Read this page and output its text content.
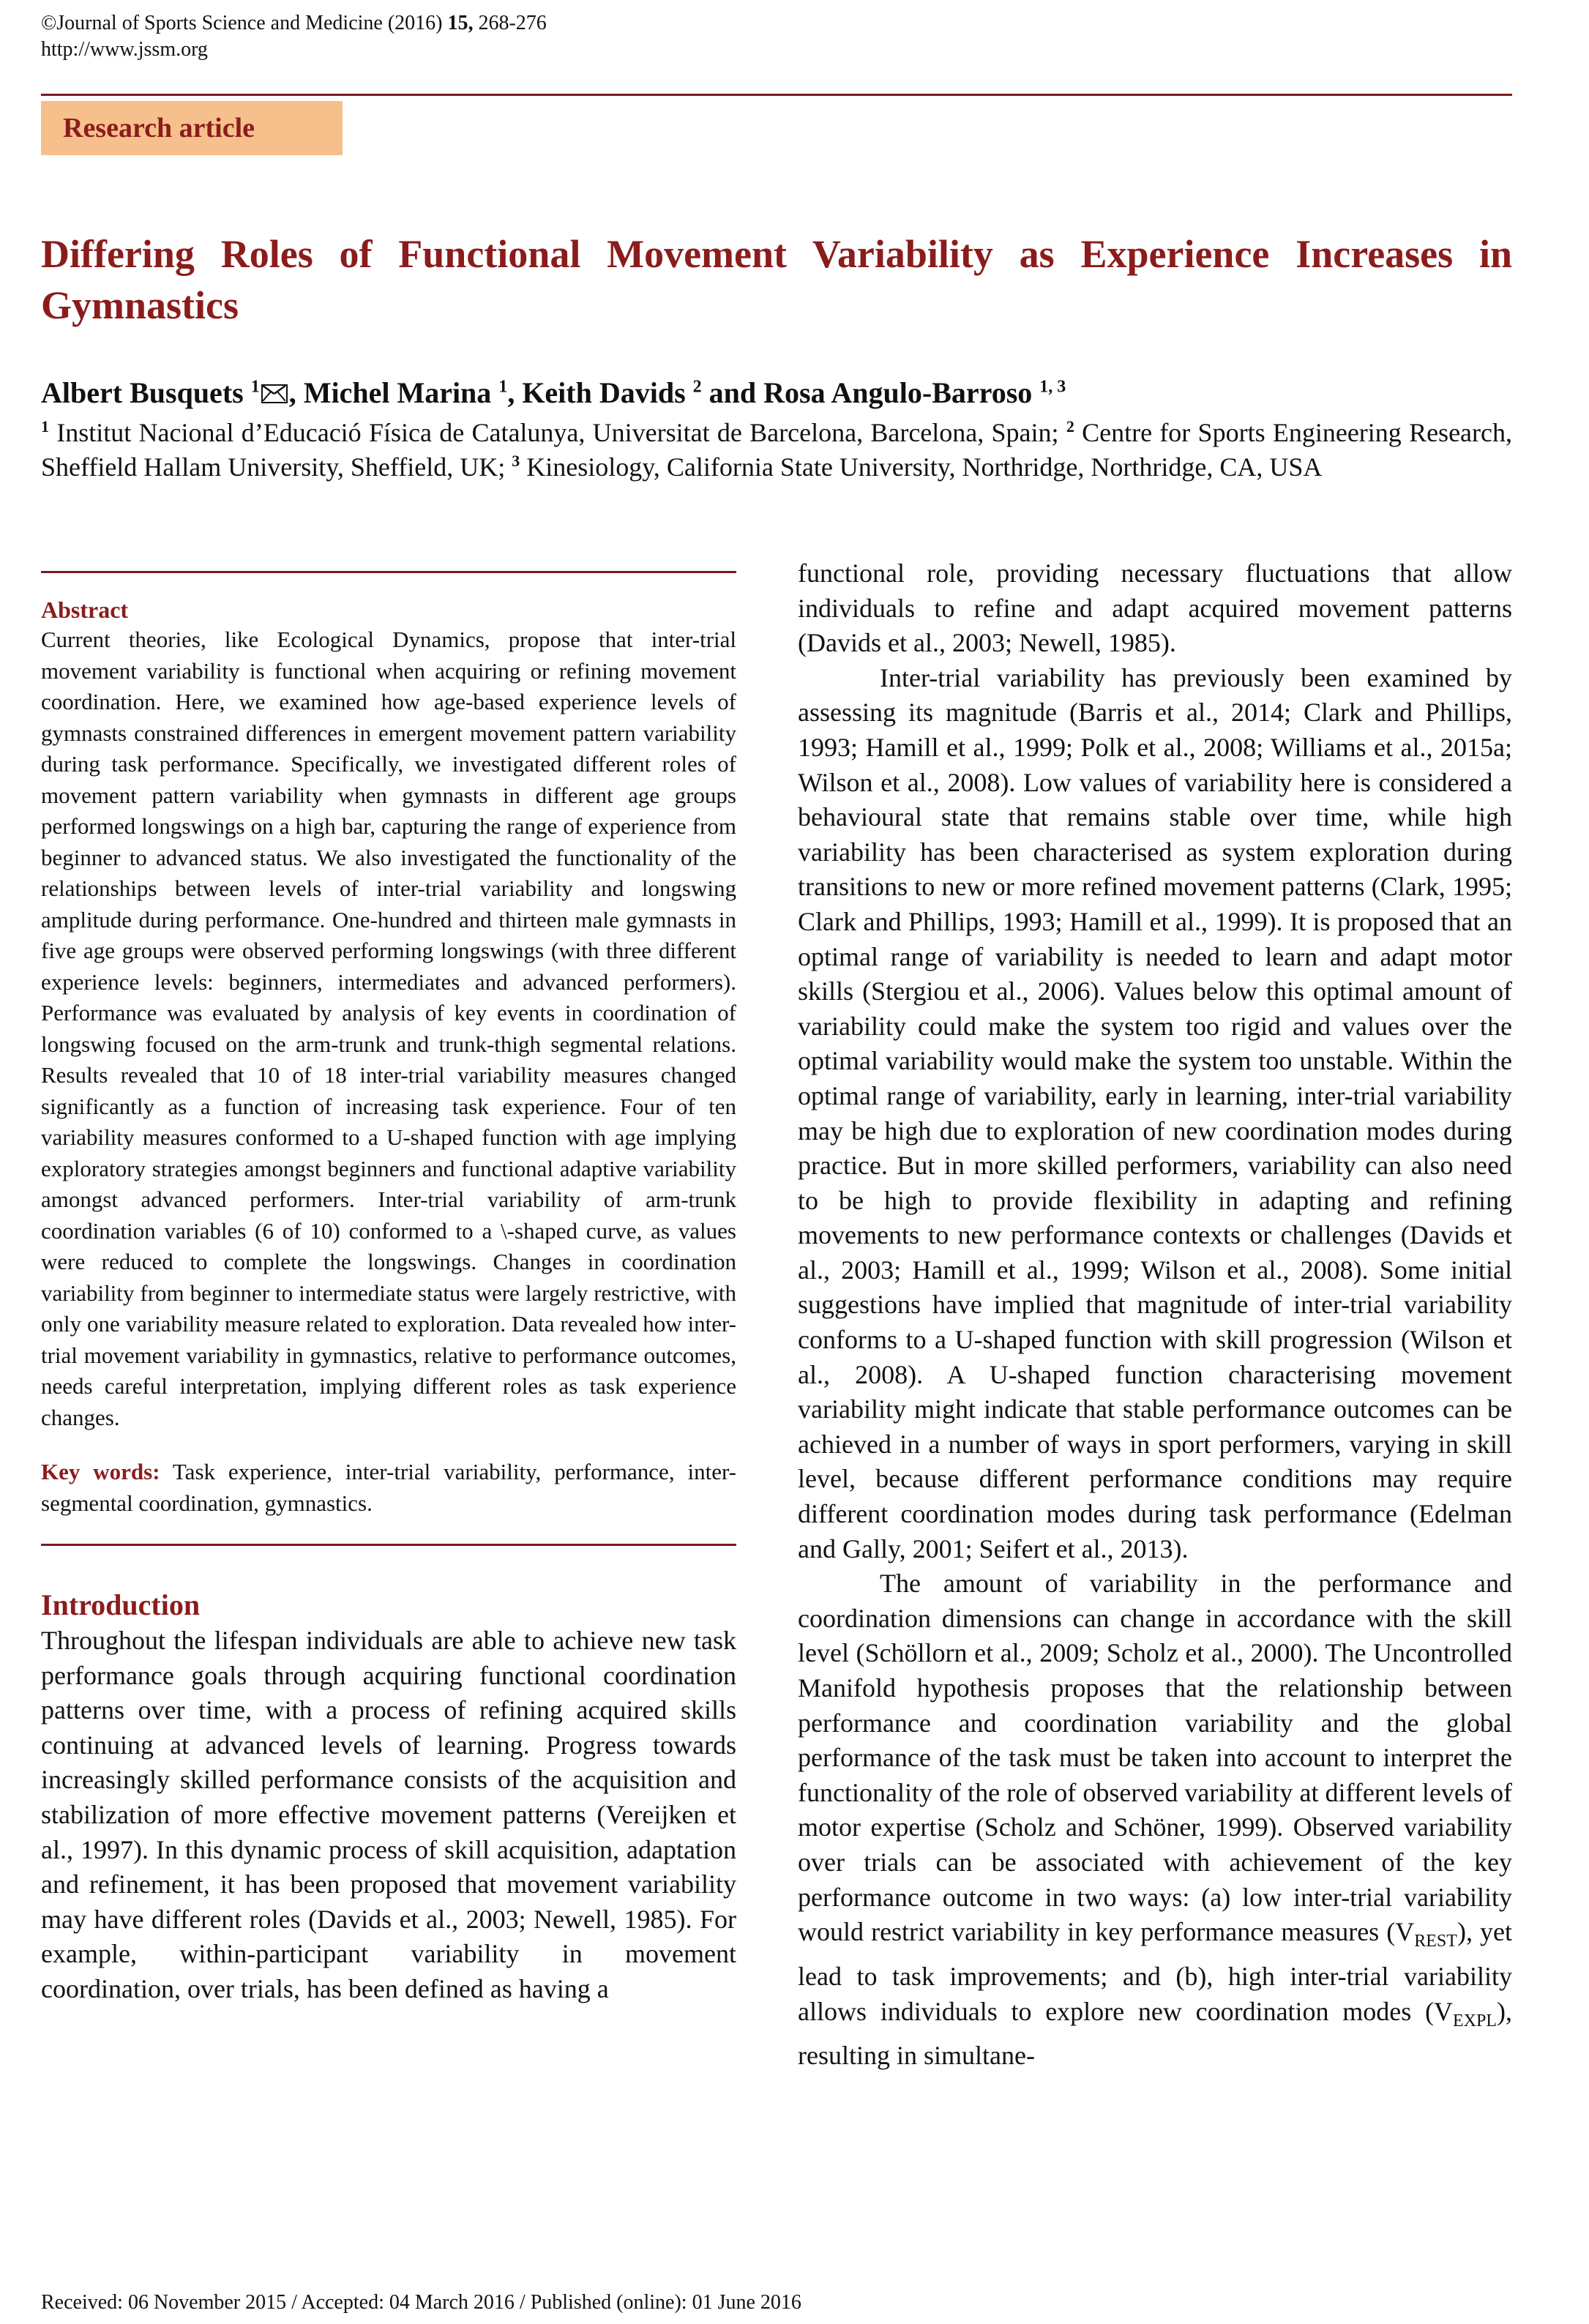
©Journal of Sports Science and Medicine (2016) 15, 268-276
http://www.jssm.org
Research article
Differing Roles of Functional Movement Variability as Experience Increases in Gymnastics
Albert Busquets $^1$ , Michel Marina $^1$, Keith Davids $^2$ and Rosa Angulo-Barroso $^{1, 3}$
$^1$ Institut Nacional d’Educació Física de Catalunya, Universitat de Barcelona, Barcelona, Spain; $^2$ Centre for Sports Engineering Research, Sheffield Hallam University, Sheffield, UK; $^3$ Kinesiology, California State University, Northridge, Northridge, CA, USA
Abstract

Current theories, like Ecological Dynamics, propose that inter-trial movement variability is functional when acquiring or refining movement coordination. Here, we examined how age-based experience levels of gymnasts constrained differences in emergent movement pattern variability during task performance. Specifically, we investigated different roles of movement pattern variability when gymnasts in different age groups performed longswings on a high bar, capturing the range of experience from beginner to advanced status. We also investigated the functionality of the relationships between levels of inter-trial variability and longswing amplitude during performance. One-hundred and thirteen male gymnasts in five age groups were observed performing longswings (with three different experience levels: beginners, intermediates and advanced performers). Performance was evaluated by analysis of key events in coordination of longswing focused on the arm-trunk and trunk-thigh segmental relations. Results revealed that 10 of 18 inter-trial variability measures changed significantly as a function of increasing task experience. Four of ten variability measures conformed to a U-shaped function with age implying exploratory strategies amongst beginners and functional adaptive variability amongst advanced performers. Inter-trial variability of arm-trunk coordination variables (6 of 10) conformed to a \-shaped curve, as values were reduced to complete the longswings. Changes in coordination variability from beginner to intermediate status were largely restrictive, with only one variability measure related to exploration. Data revealed how inter-trial movement variability in gymnastics, relative to performance outcomes, needs careful interpretation, implying different roles as task experience changes.

Key words: Task experience, inter-trial variability, performance, inter-segmental coordination, gymnastics.
Introduction

Throughout the lifespan individuals are able to achieve new task performance goals through acquiring functional coordination patterns over time, with a process of refining acquired skills continuing at advanced levels of learning. Progress towards increasingly skilled performance consists of the acquisition and stabilization of more effective movement patterns (Vereijken et al., 1997). In this dynamic process of skill acquisition, adaptation and refinement, it has been proposed that movement variability may have different roles (Davids et al., 2003; Newell, 1985). For example, within-participant variability in movement coordination, over trials, has been defined as having a

functional role, providing necessary fluctuations that allow individuals to refine and adapt acquired movement patterns (Davids et al., 2003; Newell, 1985).

Inter-trial variability has previously been examined by assessing its magnitude (Barris et al., 2014; Clark and Phillips, 1993; Hamill et al., 1999; Polk et al., 2008; Williams et al., 2015a; Wilson et al., 2008). Low values of variability here is considered a behavioural state that remains stable over time, while high variability has been characterised as system exploration during transitions to new or more refined movement patterns (Clark, 1995; Clark and Phillips, 1993; Hamill et al., 1999). It is proposed that an optimal range of variability is needed to learn and adapt motor skills (Stergiou et al., 2006). Values below this optimal amount of variability could make the system too rigid and values over the optimal variability would make the system too unstable. Within the optimal range of variability, early in learning, inter-trial variability may be high due to exploration of new coordination modes during practice. But in more skilled performers, variability can also need to be high to provide flexibility in adapting and refining movements to new performance contexts or challenges (Davids et al., 2003; Hamill et al., 1999; Wilson et al., 2008). Some initial suggestions have implied that magnitude of inter-trial variability conforms to a U-shaped function with skill progression (Wilson et al., 2008). A U-shaped function characterising movement variability might indicate that stable performance outcomes can be achieved in a number of ways in sport performers, varying in skill level, because different performance conditions may require different coordination modes during task performance (Edelman and Gally, 2001; Seifert et al., 2013).

The amount of variability in the performance and coordination dimensions can change in accordance with the skill level (Schöllorn et al., 2009; Scholz et al., 2000). The Uncontrolled Manifold hypothesis proposes that the relationship between performance and coordination variability and the global performance of the task must be taken into account to interpret the functionality of the role of observed variability at different levels of motor expertise (Scholz and Schöner, 1999). Observed variability over trials can be associated with achievement of the key performance outcome in two ways: (a) low inter-trial variability would restrict variability in key performance measures $(V_{REST})$, yet lead to task improvements; and (b), high inter-trial variability allows individuals to explore new coordination modes $(V_{EXPL})$, resulting in simultane-

Received: 06 November 2015 / Accepted: 04 March 2016 / Published (online): 01 June 2016
